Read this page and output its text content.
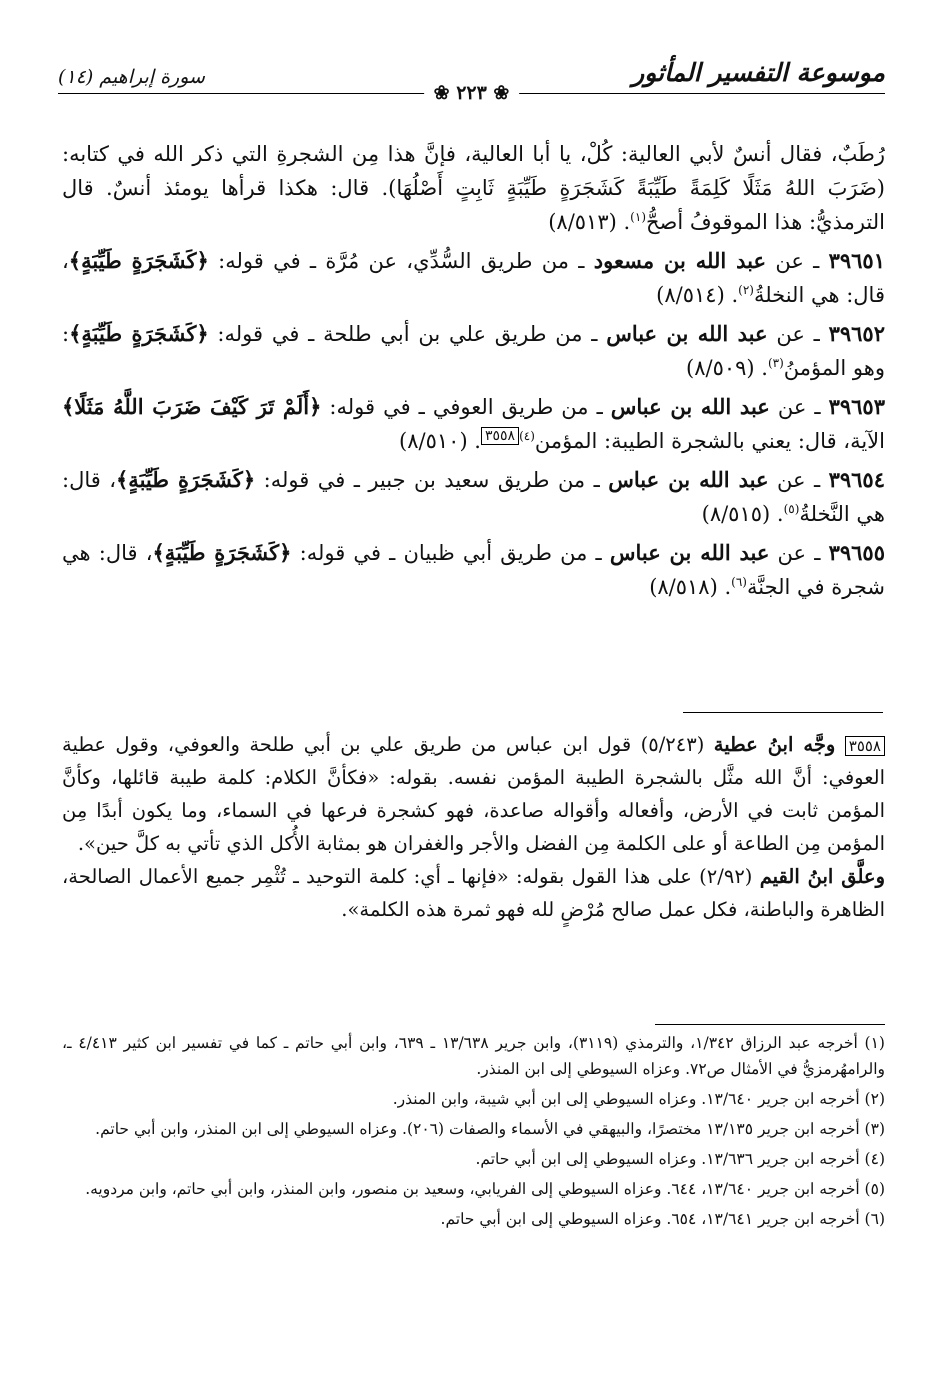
موسوعة التفسير المأثور
سورة إبراهيم (١٤)
❀ ٢٢٣ ❀

رُطَبٌ، فقال أنسٌ لأبي العالية: كُلْ، يا أبا العالية، فإنَّ هذا مِن الشجرةِ التي ذكر الله في كتابه: (ضَرَبَ اللهُ مَثَلًا كَلِمَةً طَيِّبَةً كَشَجَرَةٍ طَيِّبَةٍ ثَابِتٍ أَصْلُهَا). قال: هكذا قرأها يومئذ أنسٌ. قال الترمذيُّ: هذا الموقوفُ أصحُّ$^{(١)}$. (٨/٥١٣)

٣٩٦٥١ ـ عن عبد الله بن مسعود ـ من طريق السُّدِّي، عن مُرَّة ـ في قوله: ﴿كَشَجَرَةٍ طَيِّبَةٍ﴾، قال: هي النخلةُ$^{(٢)}$. (٨/٥١٤)

٣٩٦٥٢ ـ عن عبد الله بن عباس ـ من طريق علي بن أبي طلحة ـ في قوله: ﴿كَشَجَرَةٍ طَيِّبَةٍ﴾: وهو المؤمنُ$^{(٣)}$. (٨/٥٠٩)

٣٩٦٥٣ ـ عن عبد الله بن عباس ـ من طريق العوفي ـ في قوله: ﴿أَلَمْ تَرَ كَيْفَ ضَرَبَ اللَّهُ مَثَلًا﴾ الآية، قال: يعني بالشجرة الطيبة: المؤمن$^{(٤)}$٣٥٥٨. (٨/٥١٠)

٣٩٦٥٤ ـ عن عبد الله بن عباس ـ من طريق سعيد بن جبير ـ في قوله: ﴿كَشَجَرَةٍ طَيِّبَةٍ﴾، قال: هي النَّخلةُ$^{(٥)}$. (٨/٥١٥)

٣٩٦٥٥ ـ عن عبد الله بن عباس ـ من طريق أبي ظبيان ـ في قوله: ﴿كَشَجَرَةٍ طَيِّبَةٍ﴾، قال: هي شجرة في الجنَّة$^{(٦)}$. (٨/٥١٨)

٣٥٥٨ وجَّه ابنُ عطية (٥/٢٤٣) قول ابن عباس من طريق علي بن أبي طلحة والعوفي، وقول عطية العوفي: أنَّ الله مثَّل بالشجرة الطيبة المؤمن نفسه. بقوله: «فكأنَّ الكلام: كلمة طيبة قائلها، وكأنَّ المؤمن ثابت في الأرض، وأفعاله وأقواله صاعدة، فهو كشجرة فرعها في السماء، وما يكون أبدًا مِن المؤمن مِن الطاعة أو على الكلمة مِن الفضل والأجر والغفران هو بمثابة الأُكل الذي تأتي به كلَّ حين».

وعلَّق ابنُ القيم (٢/٩٢) على هذا القول بقوله: «فإنها ـ أي: كلمة التوحيد ـ تُثْمِر جميع الأعمال الصالحة، الظاهرة والباطنة، فكل عمل صالح مُرْضٍ لله فهو ثمرة هذه الكلمة».

(١) أخرجه عبد الرزاق ١/٣٤٢، والترمذي (٣١١٩)، وابن جرير ١٣/٦٣٨ ـ ٦٣٩، وابن أبي حاتم ـ كما في تفسير ابن كثير ٤/٤١٣ ـ، والرامهُرمزيُّ في الأمثال ص٧٢. وعزاه السيوطي إلى ابن المنذر.

(٢) أخرجه ابن جرير ١٣/٦٤٠. وعزاه السيوطي إلى ابن أبي شيبة، وابن المنذر.

(٣) أخرجه ابن جرير ١٣/١٣٥ مختصرًا، والبيهقي في الأسماء والصفات (٢٠٦). وعزاه السيوطي إلى ابن المنذر، وابن أبي حاتم.

(٤) أخرجه ابن جرير ١٣/٦٣٦. وعزاه السيوطي إلى ابن أبي حاتم.

(٥) أخرجه ابن جرير ١٣/٦٤٠، ٦٤٤. وعزاه السيوطي إلى الفريابي، وسعيد بن منصور، وابن المنذر، وابن أبي حاتم، وابن مردويه.

(٦) أخرجه ابن جرير ١٣/٦٤١، ٦٥٤. وعزاه السيوطي إلى ابن أبي حاتم.
